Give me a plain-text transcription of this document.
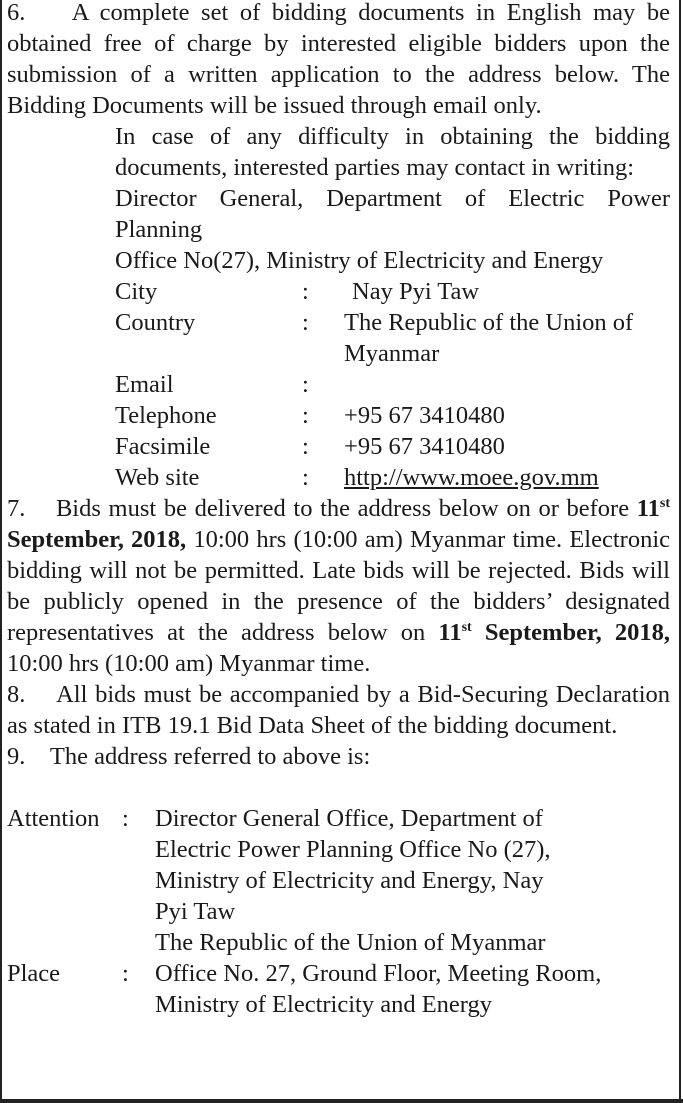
6. A complete set of bidding documents in English may be obtained free of charge by interested eligible bidders upon the submission of a written application to the address below. The Bidding Documents will be issued through email only.

In case of any difficulty in obtaining the bidding documents, interested parties may contact in writing:

Director General, Department of Electric Power Planning

Office No(27), Ministry of Electricity and Energy

City	:	Nay Pyi Taw
Country	:	The Republic of the Union of Myanmar
Email	:
Telephone	:	+95 67 3410480
Facsimile	:	+95 67 3410480
Web site	:	http://www.moee.gov.mm

7. Bids must be delivered to the address below on or before 11st September, 2018, 10:00 hrs (10:00 am) Myanmar time. Electronic bidding will not be permitted. Late bids will be rejected. Bids will be publicly opened in the presence of the bidders’ designated representatives at the address below on 11st September, 2018, 10:00 hrs (10:00 am) Myanmar time.

8. All bids must be accompanied by a Bid-Securing Declaration as stated in ITB 19.1 Bid Data Sheet of the bidding document.

9. The address referred to above is:

Attention :	Director General Office, Department of Electric Power Planning Office No (27), Ministry of Electricity and Energy, Nay Pyi Taw
The Republic of the Union of Myanmar
Place	:	Office No. 27, Ground Floor, Meeting Room, Ministry of Electricity and Energy
